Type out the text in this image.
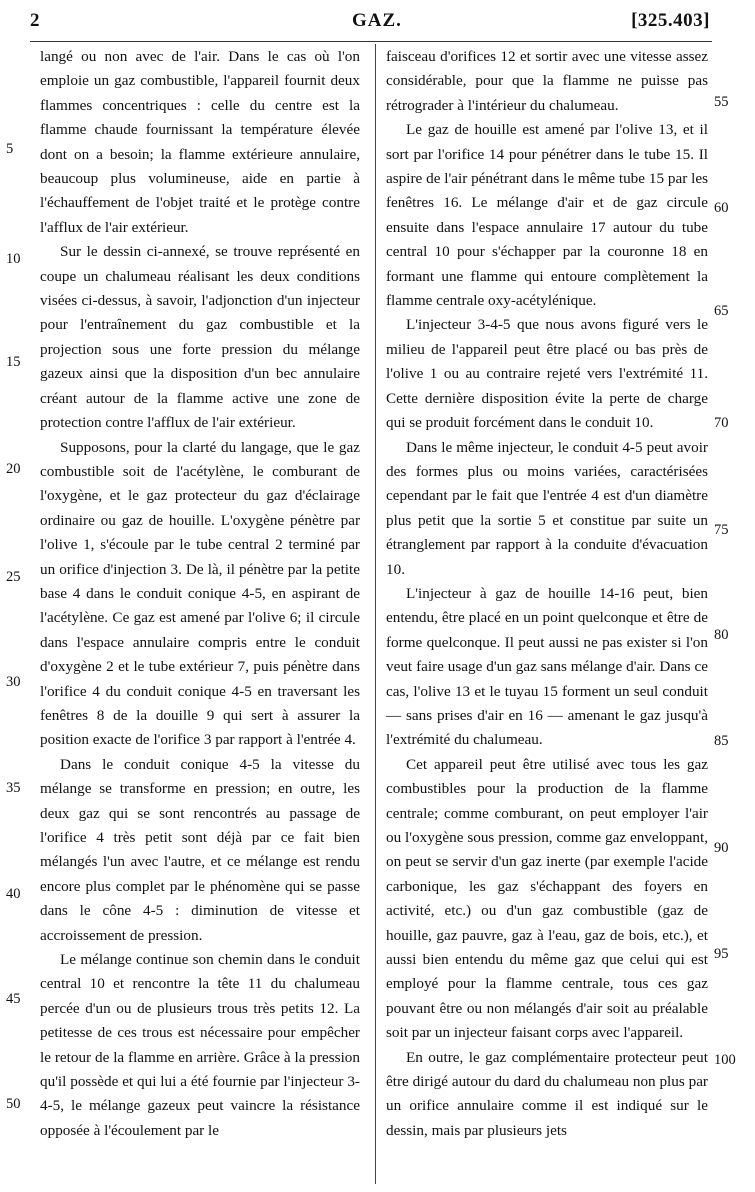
2	GAZ.	[325.403]

langé ou non avec de l'air. Dans le cas où l'on emploie un gaz combustible, l'appareil fournit deux flammes concentriques : celle du centre est la flamme chaude fournissant la température élevée dont on a besoin; la flamme extérieure annulaire, beaucoup plus volumineuse, aide en partie à l'échauffement de l'objet traité et le protège contre l'afflux de l'air extérieur.

Sur le dessin ci-annexé, se trouve représenté en coupe un chalumeau réalisant les deux conditions visées ci-dessus, à savoir, l'adjonction d'un injecteur pour l'entraînement du gaz combustible et la projection sous une forte pression du mélange gazeux ainsi que la disposition d'un bec annulaire créant autour de la flamme active une zone de protection contre l'afflux de l'air extérieur.

Supposons, pour la clarté du langage, que le gaz combustible soit de l'acétylène, le comburant de l'oxygène, et le gaz protecteur du gaz d'éclairage ordinaire ou gaz de houille. L'oxygène pénètre par l'olive 1, s'écoule par le tube central 2 terminé par un orifice d'injection 3. De là, il pénètre par la petite base 4 dans le conduit conique 4-5, en aspirant de l'acétylène. Ce gaz est amené par l'olive 6; il circule dans l'espace annulaire compris entre le conduit d'oxygène 2 et le tube extérieur 7, puis pénètre dans l'orifice 4 du conduit conique 4-5 en traversant les fenêtres 8 de la douille 9 qui sert à assurer la position exacte de l'orifice 3 par rapport à l'entrée 4.

Dans le conduit conique 4-5 la vitesse du mélange se transforme en pression; en outre, les deux gaz qui se sont rencontrés au passage de l'orifice 4 très petit sont déjà par ce fait bien mélangés l'un avec l'autre, et ce mélange est rendu encore plus complet par le phénomène qui se passe dans le cône 4-5 : diminution de vitesse et accroissement de pression.

Le mélange continue son chemin dans le conduit central 10 et rencontre la tête 11 du chalumeau percée d'un ou de plusieurs trous très petits 12. La petitesse de ces trous est nécessaire pour empêcher le retour de la flamme en arrière. Grâce à la pression qu'il possède et qui lui a été fournie par l'injecteur 3-4-5, le mélange gazeux peut vaincre la résistance opposée à l'écoulement par le

5
10
15
20
25
30
35
40
45
50

faisceau d'orifices 12 et sortir avec une vitesse assez considérable, pour que la flamme ne puisse pas rétrograder à l'intérieur du chalumeau.

Le gaz de houille est amené par l'olive 13, et il sort par l'orifice 14 pour pénétrer dans le tube 15. Il aspire de l'air pénétrant dans le même tube 15 par les fenêtres 16. Le mélange d'air et de gaz circule ensuite dans l'espace annulaire 17 autour du tube central 10 pour s'échapper par la couronne 18 en formant une flamme qui entoure complètement la flamme centrale oxy-acétylénique.

L'injecteur 3-4-5 que nous avons figuré vers le milieu de l'appareil peut être placé ou bas près de l'olive 1 ou au contraire rejeté vers l'extrémité 11. Cette dernière disposition évite la perte de charge qui se produit forcément dans le conduit 10.

Dans le même injecteur, le conduit 4-5 peut avoir des formes plus ou moins variées, caractérisées cependant par le fait que l'entrée 4 est d'un diamètre plus petit que la sortie 5 et constitue par suite un étranglement par rapport à la conduite d'évacuation 10.

L'injecteur à gaz de houille 14-16 peut, bien entendu, être placé en un point quelconque et être de forme quelconque. Il peut aussi ne pas exister si l'on veut faire usage d'un gaz sans mélange d'air. Dans ce cas, l'olive 13 et le tuyau 15 forment un seul conduit — sans prises d'air en 16 — amenant le gaz jusqu'à l'extrémité du chalumeau.

Cet appareil peut être utilisé avec tous les gaz combustibles pour la production de la flamme centrale; comme comburant, on peut employer l'air ou l'oxygène sous pression, comme gaz enveloppant, on peut se servir d'un gaz inerte (par exemple l'acide carbonique, les gaz s'échappant des foyers en activité, etc.) ou d'un gaz combustible (gaz de houille, gaz pauvre, gaz à l'eau, gaz de bois, etc.), et aussi bien entendu du même gaz que celui qui est employé pour la flamme centrale, tous ces gaz pouvant être ou non mélangés d'air soit au préalable soit par un injecteur faisant corps avec l'appareil.

En outre, le gaz complémentaire protecteur peut être dirigé autour du dard du chalumeau non plus par un orifice annulaire comme il est indiqué sur le dessin, mais par plusieurs jets

55
60
65
70
75
80
85
90
95
100
